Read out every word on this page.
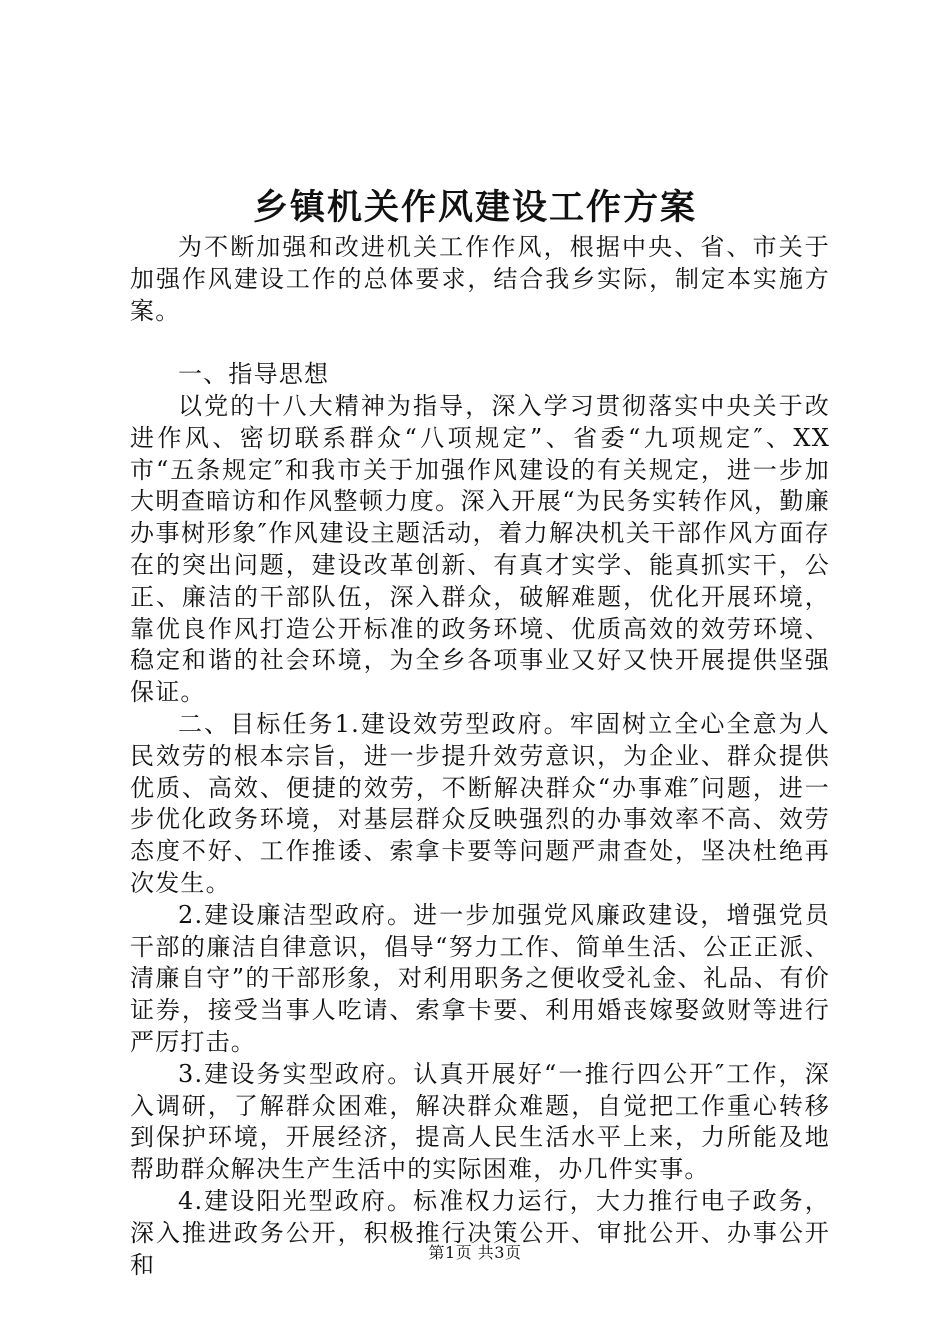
乡镇机关作风建设工作方案

为不断加强和改进机关工作作风，根据中央、省、市关于加强作风建设工作的总体要求，结合我乡实际，制定本实施方案。

一、指导思想

以党的十八大精神为指导，深入学习贯彻落实中央关于改进作风、密切联系群众“八项规定”、省委“九项规定″、XX市“五条规定″和我市关于加强作风建设的有关规定，进一步加大明查暗访和作风整顿力度。深入开展“为民务实转作风，勤廉办事树形象″作风建设主题活动，着力解决机关干部作风方面存在的突出问题，建设改革创新、有真才实学、能真抓实干，公正、廉洁的干部队伍，深入群众，破解难题，优化开展环境，靠优良作风打造公开标准的政务环境、优质高效的效劳环境、稳定和谐的社会环境，为全乡各项事业又好又快开展提供坚强保证。

二、目标任务1.建设效劳型政府。牢固树立全心全意为人民效劳的根本宗旨，进一步提升效劳意识，为企业、群众提供优质、高效、便捷的效劳，不断解决群众“办事难″问题，进一步优化政务环境，对基层群众反映强烈的办事效率不高、效劳态度不好、工作推诿、索拿卡要等问题严肃查处，坚决杜绝再次发生。

2.建设廉洁型政府。进一步加强党风廉政建设，增强党员干部的廉洁自律意识，倡导“努力工作、简单生活、公正正派、清廉自守”的干部形象，对利用职务之便收受礼金、礼品、有价证券，接受当事人吃请、索拿卡要、利用婚丧嫁娶敛财等进行严厉打击。

3.建设务实型政府。认真开展好“一推行四公开″工作，深入调研，了解群众困难，解决群众难题，自觉把工作重心转移到保护环境，开展经济，提高人民生活水平上来，力所能及地帮助群众解决生产生活中的实际困难，办几件实事。

4.建设阳光型政府。标准权力运行，大力推行电子政务，深入推进政务公开，积极推行决策公开、审批公开、办事公开和	第1页 共3页
